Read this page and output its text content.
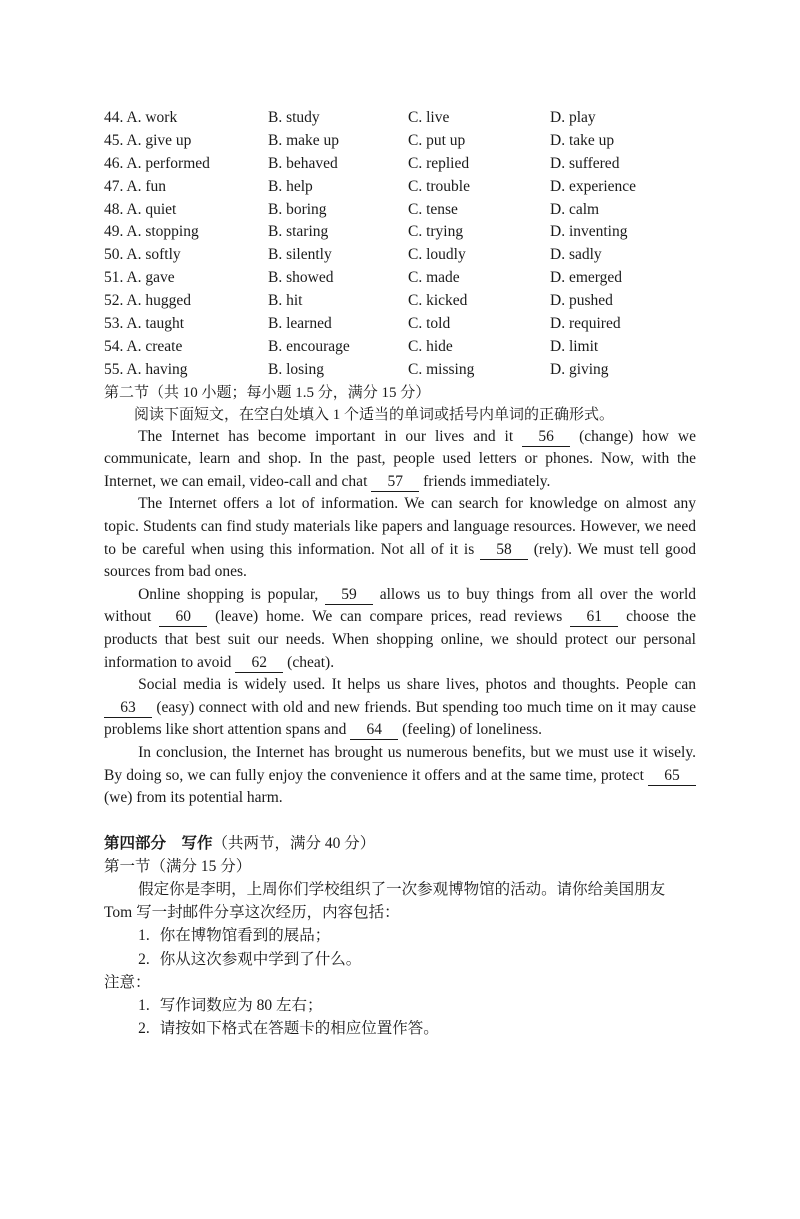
44. A. work	B. study	C. live	D. play
45. A. give up	B. make up	C. put up	D. take up
46. A. performed	B. behaved	C. replied	D. suffered
47. A. fun	B. help	C. trouble	D. experience
48. A. quiet	B. boring	C. tense	D. calm
49. A. stopping	B. staring	C. trying	D. inventing
50. A. softly	B. silently	C. loudly	D. sadly
51. A. gave	B. showed	C. made	D. emerged
52. A. hugged	B. hit	C. kicked	D. pushed
53. A. taught	B. learned	C. told	D. required
54. A. create	B. encourage	C. hide	D. limit
55. A. having	B. losing	C. missing	D. giving
第二节（共 10 小题；每小题 1.5 分，满分 15 分）
阅读下面短文，在空白处填入 1 个适当的单词或括号内单词的正确形式。

The Internet has become important in our lives and it 56 (change) how we communicate, learn and shop. In the past, people used letters or phones. Now, with the Internet, we can email, video-call and chat 57 friends immediately.

The Internet offers a lot of information. We can search for knowledge on almost any topic. Students can find study materials like papers and language resources. However, we need to be careful when using this information. Not all of it is 58 (rely). We must tell good sources from bad ones.

Online shopping is popular, 59 allows us to buy things from all over the world without 60 (leave) home. We can compare prices, read reviews 61 choose the products that best suit our needs. When shopping online, we should protect our personal information to avoid 62 (cheat).

Social media is widely used. It helps us share lives, photos and thoughts. People can 63 (easy) connect with old and new friends. But spending too much time on it may cause problems like short attention spans and 64 (feeling) of loneliness.

In conclusion, the Internet has brought us numerous benefits, but we must use it wisely. By doing so, we can fully enjoy the convenience it offers and at the same time, protect 65 (we) from its potential harm.

第四部分　写作（共两节，满分 40 分）

第一节（满分 15 分）

假定你是李明，上周你们学校组织了一次参观博物馆的活动。请你给美国朋友 Tom 写一封邮件分享这次经历，内容包括：

1. 你在博物馆看到的展品；

2. 你从这次参观中学到了什么。

注意：

1. 写作词数应为 80 左右；

2. 请按如下格式在答题卡的相应位置作答。
